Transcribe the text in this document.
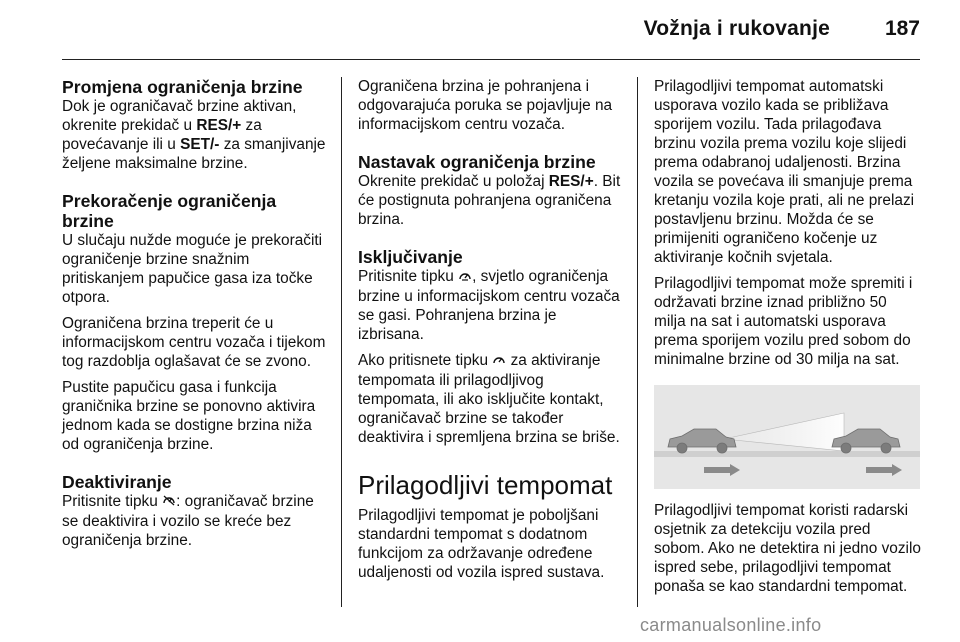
Vožnja i rukovanje	187
Promjena ograničenja brzine

Dok je ograničavač brzine aktivan, okrenite prekidač u RES/+ za povećavanje ili u SET/- za smanjivanje željene maksimalne brzine.

Prekoračenje ograničenja brzine

U slučaju nužde moguće je prekoračiti ograničenje brzine snažnim pritiskanjem papučice gasa iza točke otpora.

Ograničena brzina treperit će u informacijskom centru vozača i tijekom tog razdoblja oglašavat će se zvono.

Pustite papučicu gasa i funkcija graničnika brzine se ponovno aktivira jednom kada se dostigne brzina niža od ograničenja brzine.

Deaktiviranje

Pritisnite tipku : ograničavač brzine se deaktivira i vozilo se kreće bez ograničenja brzine.

Ograničena brzina je pohranjena i odgovarajuća poruka se pojavljuje na informacijskom centru vozača.

Nastavak ograničenja brzine

Okrenite prekidač u položaj RES/+. Bit će postignuta pohranjena ograničena brzina.

Isključivanje

Pritisnite tipku , svjetlo ograničenja brzine u informacijskom centru vozača se gasi. Pohranjena brzina je izbrisana.

Ako pritisnete tipku  za aktiviranje tempomata ili prilagodljivog tempomata, ili ako isključite kontakt, ograničavač brzine se također deaktivira i spremljena brzina se briše.

Prilagodljivi tempomat

Prilagodljivi tempomat je poboljšani standardni tempomat s dodatnom funkcijom za održavanje određene udaljenosti od vozila ispred sustava.

Prilagodljivi tempomat automatski usporava vozilo kada se približava sporijem vozilu. Tada prilagođava brzinu vozila prema vozilu koje slijedi prema odabranoj udaljenosti. Brzina vozila se povećava ili smanjuje prema kretanju vozila koje prati, ali ne prelazi postavljenu brzinu. Možda će se primijeniti ograničeno kočenje uz aktiviranje kočnih svjetala.

Prilagodljivi tempomat može spremiti i održavati brzine iznad približno 50 milja na sat i automatski usporava prema sporijem vozilu pred sobom do minimalne brzine od 30 milja na sat.

Prilagodljivi tempomat koristi radarski osjetnik za detekciju vozila pred sobom. Ako ne detektira ni jedno vozilo ispred sebe, prilagodljivi tempomat ponaša se kao standardni tempomat.

carmanualsonline.info
